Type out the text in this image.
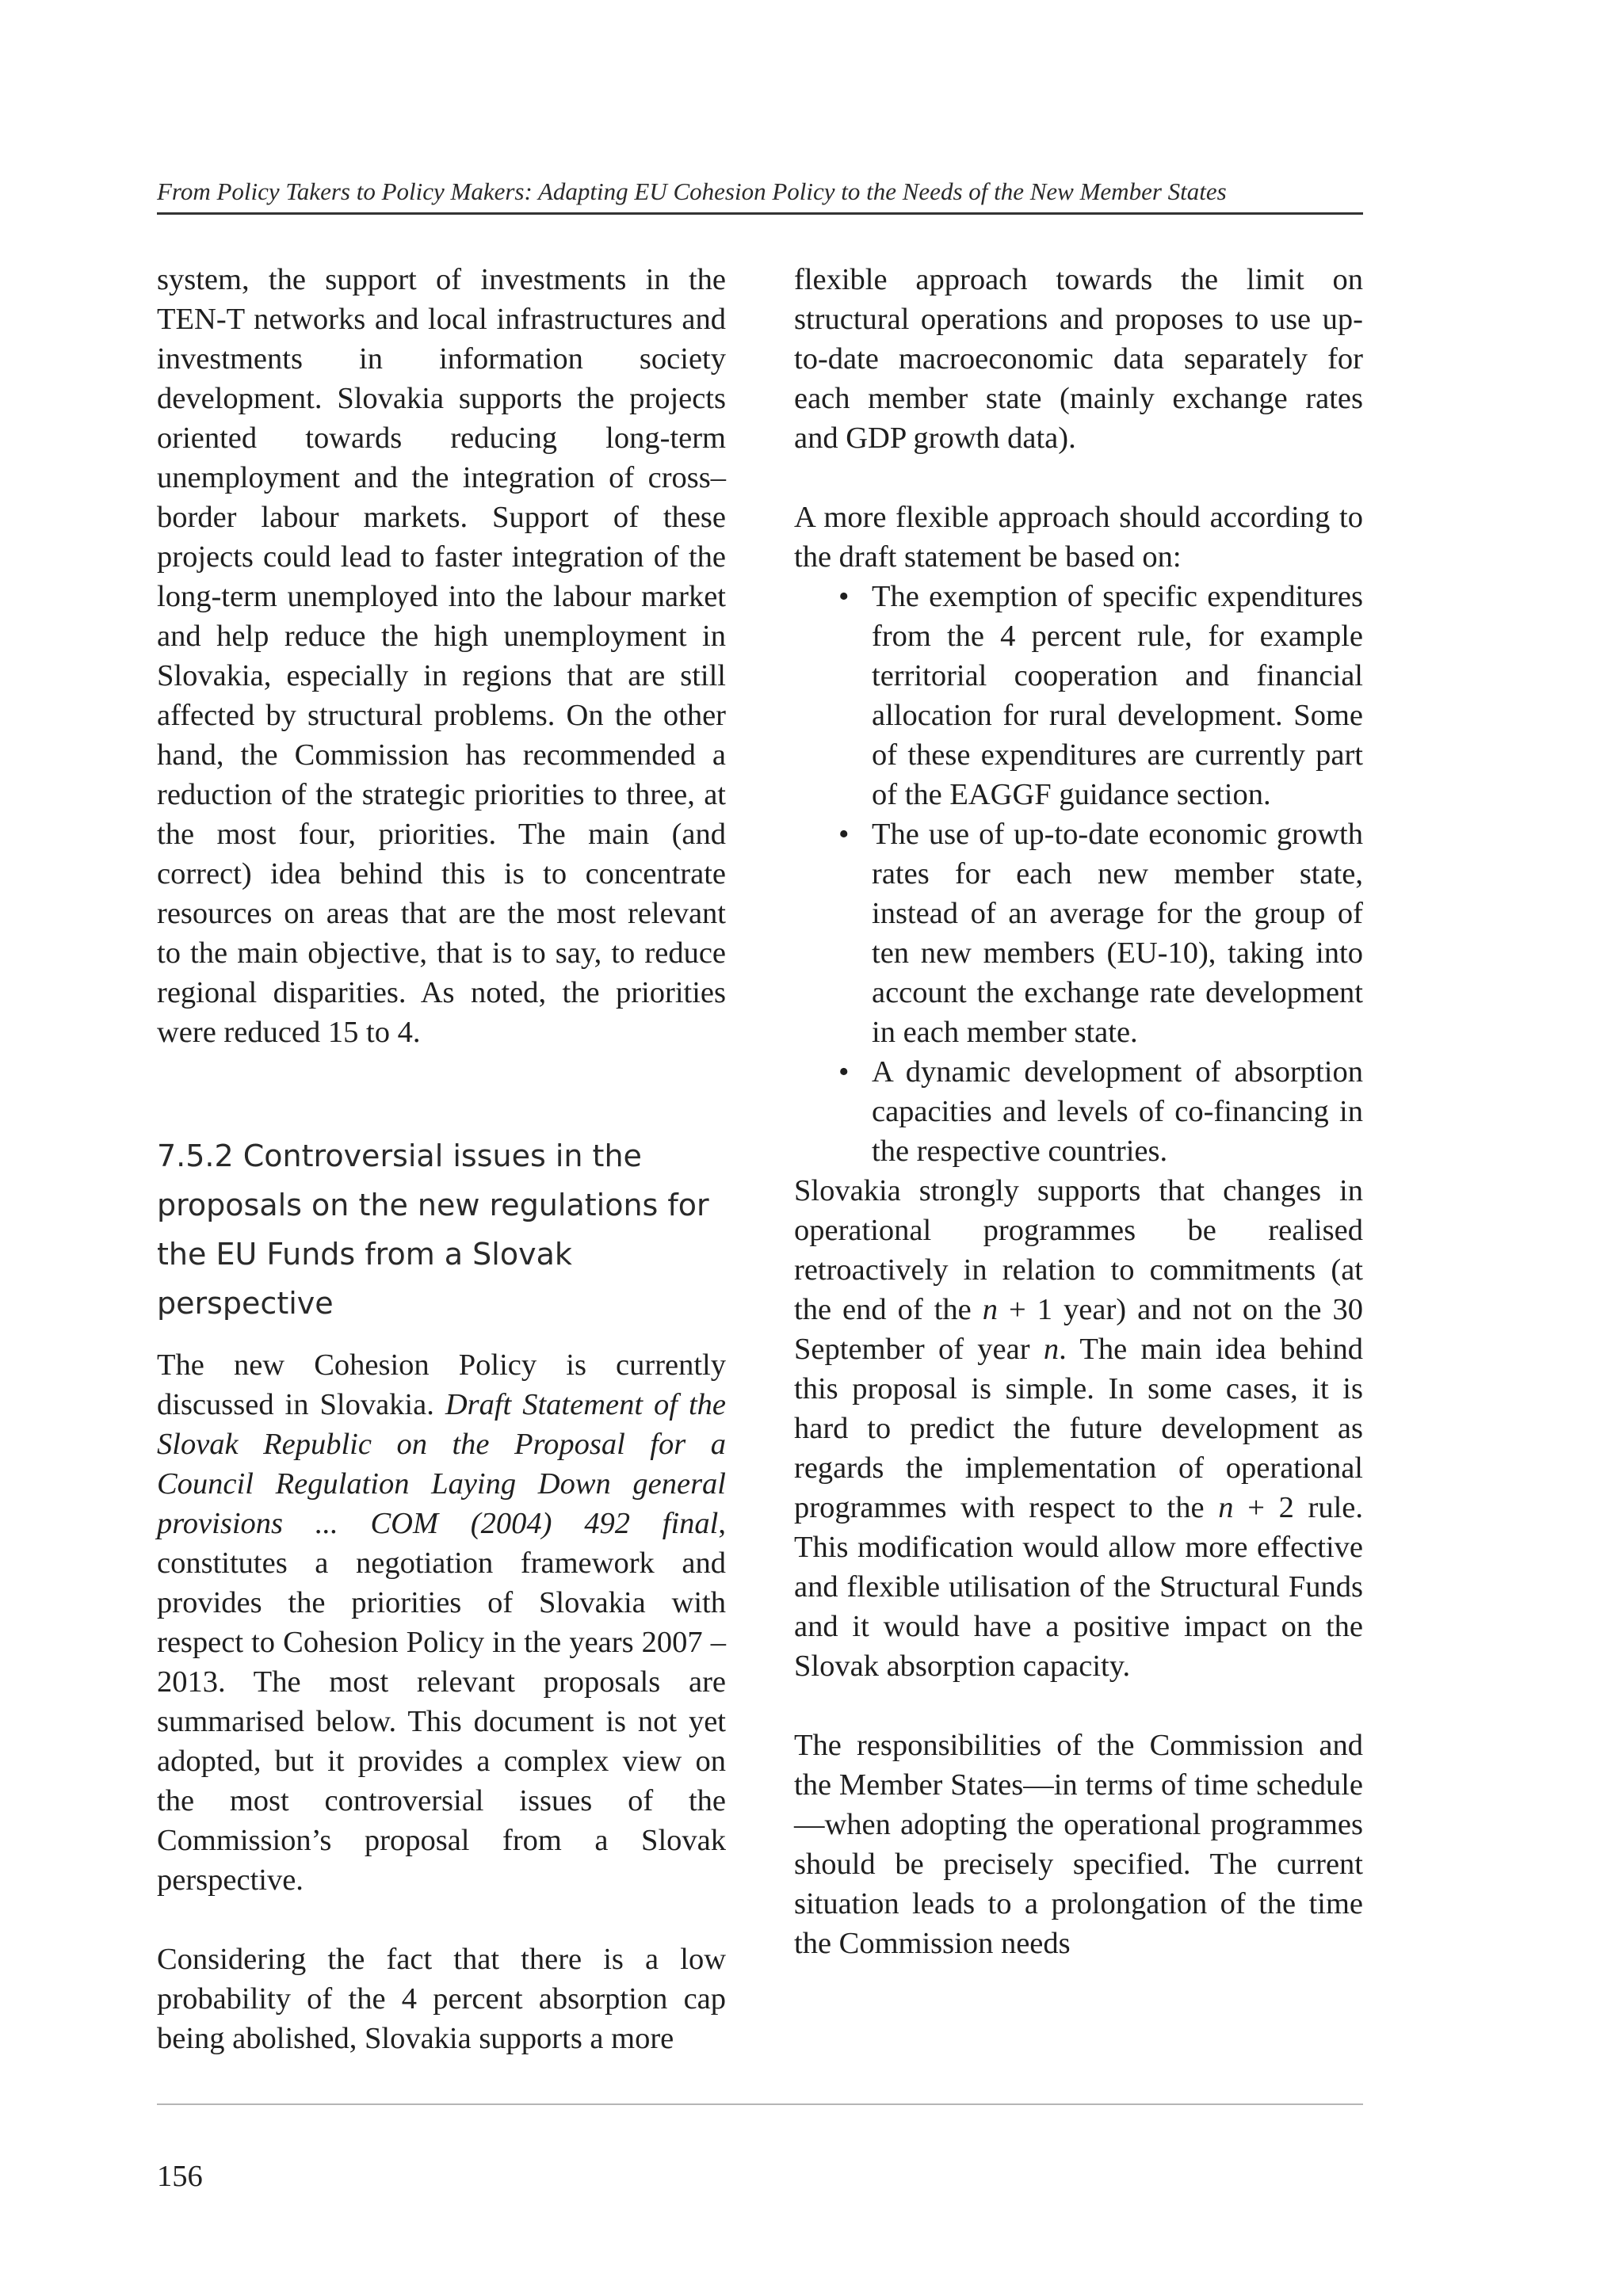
From Policy Takers to Policy Makers: Adapting EU Cohesion Policy to the Needs of the New Member States

system, the support of investments in the TEN-T networks and local infrastructures and investments in information society development. Slovakia supports the projects oriented towards reducing long-term unemployment and the integration of cross–border labour markets. Support of these projects could lead to faster integration of the long-term unemployed into the labour market and help reduce the high unemployment in Slovakia, especially in regions that are still affected by structural problems. On the other hand, the Commission has recommended a reduction of the strategic priorities to three, at the most four, priorities. The main (and correct) idea behind this is to concentrate resources on areas that are the most relevant to the main objective, that is to say, to reduce regional disparities. As noted, the priorities were reduced 15 to 4.

7.5.2 Controversial issues in the proposals on the new regulations for the EU Funds from a Slovak perspective

The new Cohesion Policy is currently discussed in Slovakia. Draft Statement of the Slovak Republic on the Proposal for a Council Regulation Laying Down general provisions ... COM (2004) 492 final, constitutes a negotiation framework and provides the priorities of Slovakia with respect to Cohesion Policy in the years 2007 – 2013. The most relevant proposals are summarised below. This document is not yet adopted, but it provides a complex view on the most controversial issues of the Commission’s proposal from a Slovak perspective.

Considering the fact that there is a low probability of the 4 percent absorption cap being abolished, Slovakia supports a more

flexible approach towards the limit on structural operations and proposes to use up-to-date macroeconomic data separately for each member state (mainly exchange rates and GDP growth data).

A more flexible approach should according to the draft statement be based on:

• The exemption of specific expenditures from the 4 percent rule, for example territorial cooperation and financial allocation for rural development. Some of these expenditures are currently part of the EAGGF guidance section.
• The use of up-to-date economic growth rates for each new member state, instead of an average for the group of ten new members (EU-10), taking into account the exchange rate development in each member state.
• A dynamic development of absorption capacities and levels of co-financing in the respective countries.

Slovakia strongly supports that changes in operational programmes be realised retroactively in relation to commitments (at the end of the n + 1 year) and not on the 30 September of year n. The main idea behind this proposal is simple. In some cases, it is hard to predict the future development as regards the implementation of operational programmes with respect to the n + 2 rule. This modification would allow more effective and flexible utilisation of the Structural Funds and it would have a positive impact on the Slovak absorption capacity.

The responsibilities of the Commission and the Member States—in terms of time schedule—when adopting the operational programmes should be precisely specified. The current situation leads to a prolongation of the time the Commission needs

156
